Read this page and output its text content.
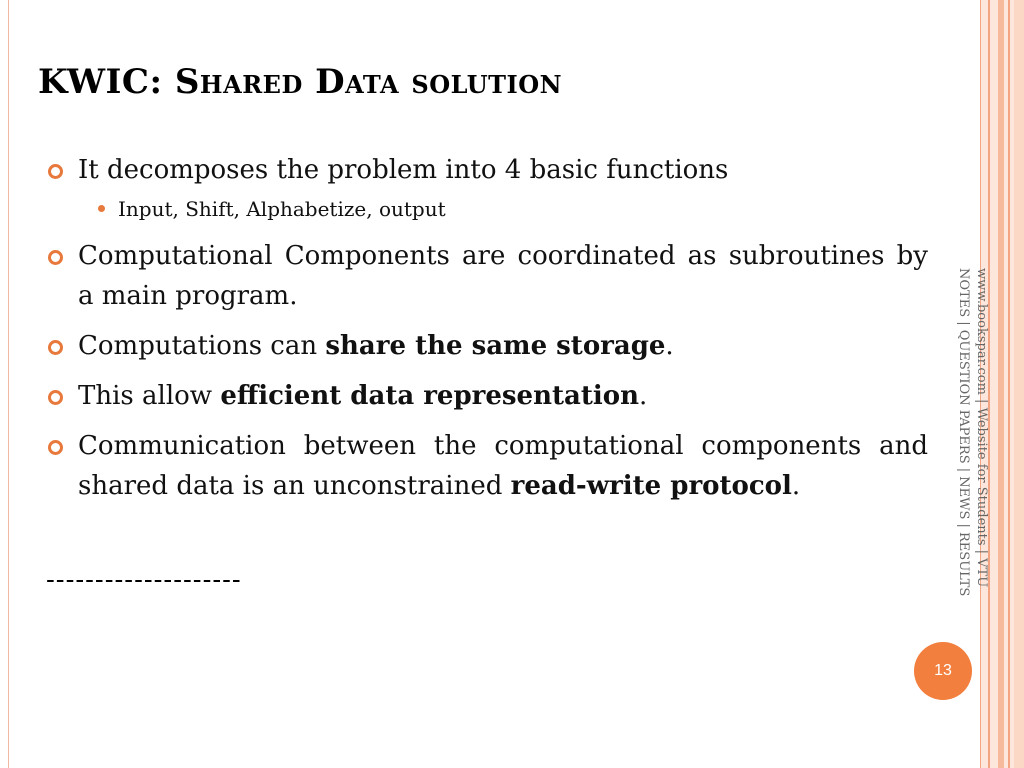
KWIC: Shared Data solution
It decomposes the problem into 4 basic functions
Input, Shift, Alphabetize, output
Computational Components are coordinated as subroutines by a main program.
Computations can share the same storage.
This allow efficient data representation.
Communication between the computational components and shared data is an unconstrained read-write protocol.
--------------------	www.bookspar.com | Website for Students | VTU NOTES | QUESTION PAPERS | NEWS | RESULTS
13
